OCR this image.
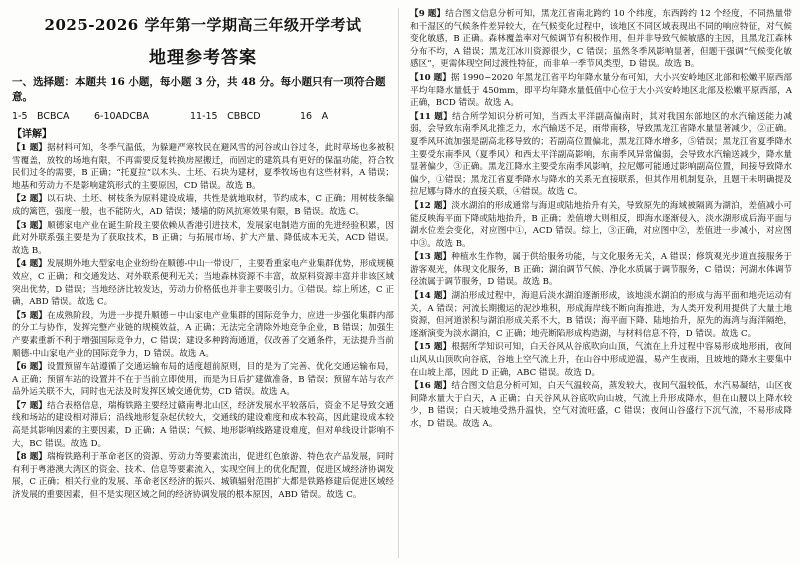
2025-2026 学年第一学期高三年级开学考试
地理参考答案
一、选择题：本题共 16 小题，每小题 3 分，共 48 分。每小题只有一项符合题意。
1-5　BCBCA	6-10ADCBA	11-15　CBBCD	16　A
【详解】
【1 题】据材料可知，冬季气温低，为躲避严寒牧民在避风雪的河谷或山谷过冬，此时草场也多被积雪覆盖，放牧的场地有限，不再需要反复转换房屋搬迁，而固定的建筑具有更好的保温功能，符合牧民们过冬的需要，B 正确；“托夏拉”以木头、土坯、石块为建材，夏季牧场也有这些材料，A 错误；地基和劳动力不是影响建筑形式的主要原因，CD 错误。故选 B。
【2 题】以石块、土坯、树枝条为原料建设成墙，共性是就地取材，节约成本，C 正确；用树枝条编成的篱笆，强度一般，也不能防火，AD 错误；矮墙的防风抗寒效果有限，B 错误。故选 C。
【3 题】顺德家电产业在诞生阶段主要依赖从香港引进技术，发展家电制造方面的先进经验积累，因此对外联系强主要是为了获取技术，B 正确；与拓展市场、扩大产量、降低成本无关，ACD 错误。故选 B。
【4 题】发展期外地大型家电企业纷纷在顺德-中山一带设厂，主要看重家电产业集群优势，形成规模效应，C 正确；和交通发达、对外联系便利无关；当地森林资源不丰富，故原料资源丰富并非该区域突出优势，D 错误；当地经济比较发达，劳动力价格低也并非主要吸引力。①错误。综上所述，C 正确，ABD 错误。故选 C。
【5 题】在成熟阶段，为进一步提升顺德－中山家电产业集群的国际竞争力，应进一步强化集群内部的分工与协作，发挥完整产业链的规模效益，A 正确；无法完全清除外地竞争企业，B 错误；加强生产要素重新不利于增强国际竞争力，C 错误；建设多种跨海通道，仅改善了交通条件，无法提升当前顺德-中山家电产业的国际竞争力，D 错误。故选 A。
【6 题】设置预留车站遵循了交通运输布局的适度超前原则，目的是为了完善、优化交通运输布局，A 正确；预留车站的设置并不在于当前立即使用，而是为日后扩建做准备，B 错误；预留车站与农产品外运关联不大，同时也无法及时发挥区域交通优势，CD 错误。故选 A。
【7 题】结合表格信息，瑞梅铁路主要经过赣南粤北山区，经济发展水平较落后，资金不足导致交通线和场站的建设相对滞后；沿线地形复杂起伏较大，交通线的建设难度和成本较高，因此建设成本较高是其影响因素的主要因素，D 正确；A 错误；气候、地形影响线路建设难度，但对单线设计影响不大，BC 错误。故选 D。
【8 题】瑞梅铁路利于革命老区的资源、劳动力等要素流出，促进红色旅游、特色农产品发展，同时有利于粤港澳大湾区的资金、技术、信息等要素流入，实现空间上的优化配置，促进区域经济协调发展，C 正确；相关行业的发展、革命老区经济的振兴、城镇辐射范围扩大都是铁路修建后促进区域经济发展的重要因素，但不是实现区域之间的经济协调发展的根本原因，ABD 错误。故选 C。
【9 题】结合图文信息分析可知，黑龙江省南北跨约 10 个纬度，东西跨约 12 个经度，不同热量带和干湿区的气候条件差异较大，在气候变化过程中，该地区不同区域表现出不同的响应特征，对气候变化敏感，B 正确。森林覆盖率对气候调节有积极作用，但并非导致气候敏感的主因，且黑龙江森林分布不均，A 错误；黑龙江冰川资源很少，C 错误；虽然冬季风影响显著，但题干强调“气候变化敏感区”，更需体现空间过渡性特征，而非单一季节风类型，D 错误。故选 B。
【10 题】据 1990~2020 年黑龙江省平均年降水量分布可知，大小兴安岭地区北部和松嫩平原西部平均年降水量低于 450mm，即平均年降水量低值中心位于大小兴安岭地区北部及松嫩平原西部，A 正确，BCD 错误。故选 A。
【11 题】结合所学知识分析可知，当西太平洋副高偏南时，其对我国东部地区的水汽输送能力减弱，会导致东南季风北推乏力，水汽输送不足，雨带南移，导致黑龙江省降水量显著减少，②正确。夏季风环流加强是副高北移导致的；若副高位置偏北，黑龙江降水增多，⑤错误；黑龙江省夏季降水主要受东南季风（夏季风）和西太平洋副高影响，东南季风异常偏弱，会导致水汽输送减少，降水量显著偏少，③正确。黑龙江降水主要受东南季风影响，拉尼娜可能通过影响副高位置，间接导致降水偏少，①错误；黑龙江省夏季降水与降水的关系无直接联系，但其作用机制复杂，且题干未明确提及拉尼娜与降水的直接关联，④错误。故选 C。
【12 题】淡水湖泊的形成通常与海退或陆地抬升有关，导致原先的海域被隔离为湖泊，差值减小可能反映海平面下降或陆地抬升，B 正确；差值增大则相反，即海水逐渐侵入，淡水湖形成后海平面与湖水位差会变化，对应图中①，ACD 错误。综上，③正确，对应图中②，差值进一步减小，对应图中③。故选 B。
【13 题】种植水生作物，属于供给服务功能，与文化服务无关，A 错误；修筑观光步道直接服务于游客观光，体现文化服务，B 正确；湖泊调节气候、净化水质属于调节服务，C 错误；河湖水体调节径流属于调节服务，D 错误。故选 B。
【14 题】湖泊形成过程中，海退后淡水湖泊逐渐形成，该地淡水湖泊的形成与海平面和地壳运动有关，A 错误；河流长期搬运的泥沙堆积，形成海岸线不断向海推进，为人类开发利用提供了大量土地资源，但河道淤积与湖泊形成关系不大，B 错误；海平面下降、陆地抬升，原先的海湾与海洋隔绝，逐渐演变为淡水湖泊，C 正确；地壳断陷形成构造湖，与材料信息不符，D 错误。故选 C。
【15 题】根据所学知识可知，白天谷风从谷底吹向山顶，气流在上升过程中容易形成地形雨，夜间山风从山顶吹向谷底，谷地上空气流上升，在山谷中形成逆温，易产生夜雨，且坡地的降水主要集中在山坡上部，因此 D 正确，ABC 错误。故选 D。
【16 题】结合图文信息分析可知，白天气温较高，蒸发较大，夜间气温较低，水汽易凝结，山区夜间降水量大于白天，A 正确；白天谷风从谷底吹向山坡，气流上升形成降水，但在山腰以上降水较少，B 错误；白天坡地受热升温快，空气对流旺盛，C 错误；夜间山谷盛行下沉气流，不易形成降水，D 错误。故选 A。
